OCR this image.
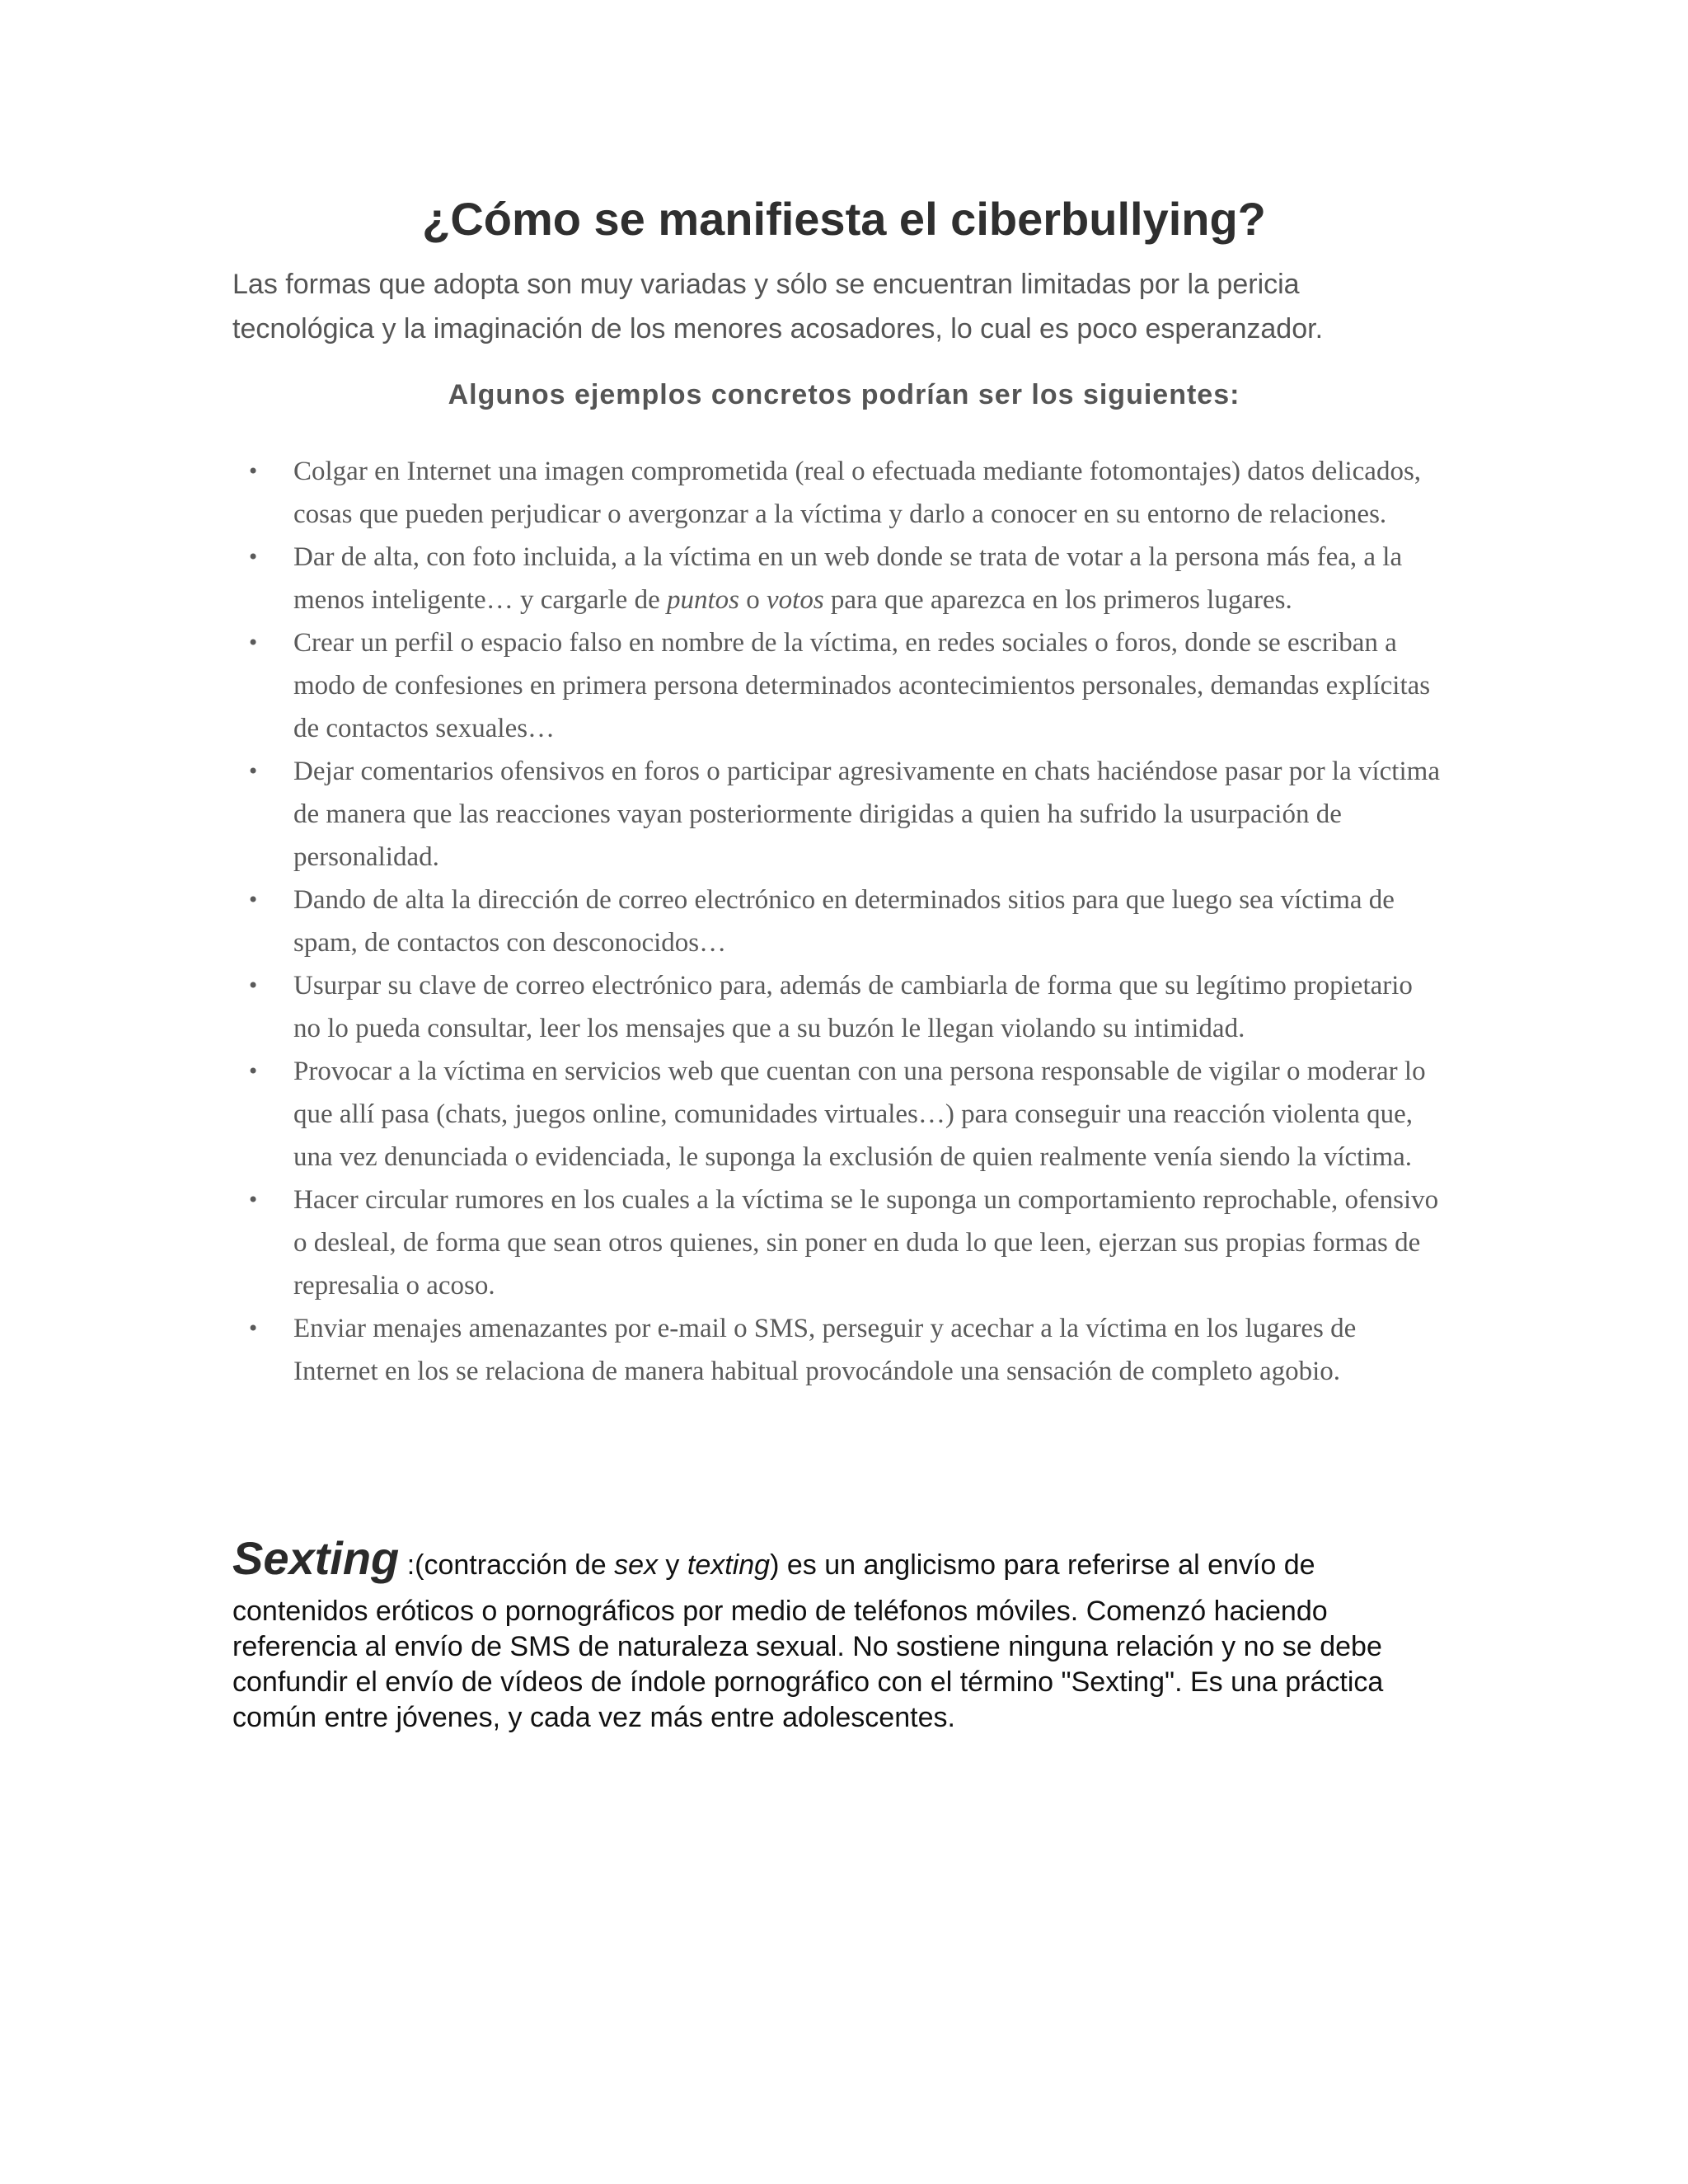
¿Cómo se manifiesta el ciberbullying?
Las formas que adopta son muy variadas y sólo se encuentran limitadas por la pericia
tecnológica y la imaginación de los menores acosadores, lo cual es poco esperanzador.
Algunos ejemplos concretos podrían ser los siguientes:
•	Colgar en Internet una imagen comprometida (real o efectuada mediante fotomontajes) datos delicados, cosas que pueden perjudicar o avergonzar a la víctima y darlo a conocer en su entorno de relaciones.
•	Dar de alta, con foto incluida, a la víctima en un web donde se trata de votar a la persona más fea, a la menos inteligente… y cargarle de puntos o votos para que aparezca en los primeros lugares.
•	Crear un perfil o espacio falso en nombre de la víctima, en redes sociales o foros, donde se escriban a modo de confesiones en primera persona determinados acontecimientos personales, demandas explícitas de contactos sexuales…
•	Dejar comentarios ofensivos en foros o participar agresivamente en chats haciéndose pasar por la víctima de manera que las reacciones vayan posteriormente dirigidas a quien ha sufrido la usurpación de personalidad.
•	Dando de alta la dirección de correo electrónico en determinados sitios para que luego sea víctima de spam, de contactos con desconocidos…
•	Usurpar su clave de correo electrónico para, además de cambiarla de forma que su legítimo propietario no lo pueda consultar, leer los mensajes que a su buzón le llegan violando su intimidad.
•	Provocar a la víctima en servicios web que cuentan con una persona responsable de vigilar o moderar lo que allí pasa (chats, juegos online, comunidades virtuales…) para conseguir una reacción violenta que, una vez denunciada o evidenciada, le suponga la exclusión de quien realmente venía siendo la víctima.
•	Hacer circular rumores en los cuales a la víctima se le suponga un comportamiento reprochable, ofensivo o desleal, de forma que sean otros quienes, sin poner en duda lo que leen, ejerzan sus propias formas de represalia o acoso.
•	Enviar menajes amenazantes por e-mail o SMS, perseguir y acechar a la víctima en los lugares de Internet en los se relaciona de manera habitual provocándole una sensación de completo agobio.
Sexting :(contracción de sex y texting) es un anglicismo para referirse al envío de
contenidos eróticos o pornográficos por medio de teléfonos móviles. Comenzó haciendo referencia al envío de SMS de naturaleza sexual. No sostiene ninguna relación y no se debe confundir el envío de vídeos de índole pornográfico con el término "Sexting". Es una práctica común entre jóvenes, y cada vez más entre adolescentes.
